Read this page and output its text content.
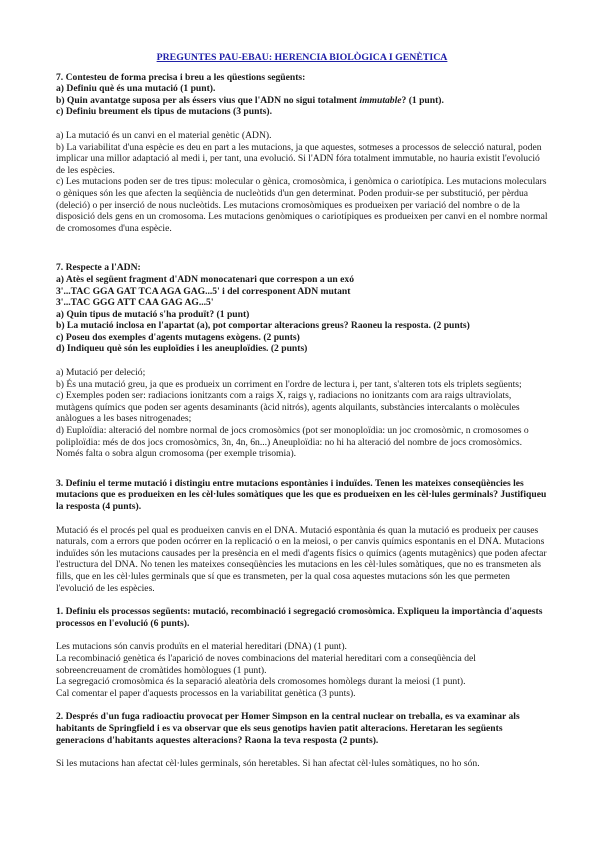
PREGUNTES PAU-EBAU: HERENCIA BIOLÒGICA I GENÈTICA

7. Contesteu de forma precisa i breu a les qüestions següents:

a) Definiu què és una mutació (1 punt).

b) Quin avantatge suposa per als éssers vius que l'ADN no sigui totalment immutable? (1 punt).

c) Definiu breument els tipus de mutacions (3 punts).

a) La mutació és un canvi en el material genètic (ADN).

b) La variabilitat d'una espècie es deu en part a les mutacions, ja que aquestes, sotmeses a processos de selecció natural, poden implicar una millor adaptació al medi i, per tant, una evolució. Si l'ADN fóra totalment immutable, no hauria existit l'evolució de les espècies.

c) Les mutacions poden ser de tres tipus: molecular o gènica, cromosòmica, i genòmica o cariotípica. Les mutacions moleculars o gèniques són les que afecten la seqüència de nucleòtids d'un gen determinat. Poden produir-se per substitució, per pèrdua (deleció) o per inserció de nous nucleòtids. Les mutacions cromosòmiques es produeixen per variació del nombre o de la disposició dels gens en un cromosoma. Les mutacions genòmiques o cariotípiques es produeixen per canvi en el nombre normal de cromosomes d'una espècie.

7. Respecte a l'ADN:

a) Atès el següent fragment d'ADN monocatenari que correspon a un exó

3'...TAC GGA GAT TCA AGA GAG...5' i del corresponent ADN mutant

3'...TAC GGG ATT CAA GAG AG...5'

a) Quin tipus de mutació s'ha produït? (1 punt)

b) La mutació inclosa en l'apartat (a), pot comportar alteracions greus? Raoneu la resposta. (2 punts)

c) Poseu dos exemples d'agents mutagens exògens. (2 punts)

d) Indiqueu què són les euploïdies i les aneuploïdies. (2 punts)

a) Mutació per deleció;

b) És una mutació greu, ja que es produeix un corriment en l'ordre de lectura i, per tant, s'alteren tots els triplets següents;

c) Exemples poden ser: radiacions ionitzants com a raigs X, raigs γ, radiacions no ionitzants com ara raigs ultraviolats, mutàgens químics que poden ser agents desaminants (àcid nitrós), agents alquilants, substàncies intercalants o molècules anàlogues a les bases nitrogenades;

d) Euploïdia: alteració del nombre normal de jocs cromosòmics (pot ser monoploïdia: un joc cromosòmic, n cromosomes o poliploïdia: més de dos jocs cromosòmics, 3n, 4n, 6n...) Aneuploïdia: no hi ha alteració del nombre de jocs cromosòmics. Només falta o sobra algun cromosoma (per exemple trisomia).

3. Definiu el terme mutació i distingiu entre mutacions espontànies i induïdes. Tenen les mateixes conseqüències les mutacions que es produeixen en les cèl·lules somàtiques que les que es produeixen en les cèl·lules germinals? Justifiqueu la resposta (4 punts).

Mutació és el procés pel qual es produeixen canvis en el DNA. Mutació espontània és quan la mutació es produeix per causes naturals, com a errors que poden ocórrer en la replicació o en la meiosi, o per canvis químics espontanis en el DNA. Mutacions induïdes són les mutacions causades per la presència en el medi d'agents físics o químics (agents mutagènics) que poden afectar l'estructura del DNA. No tenen les mateixes conseqüències les mutacions en les cèl·lules somàtiques, que no es transmeten als fills, que en les cèl·lules germinals que sí que es transmeten, per la qual cosa aquestes mutacions són les que permeten l'evolució de les espècies.

1. Definiu els processos següents: mutació, recombinació i segregació cromosòmica. Expliqueu la importància d'aquests processos en l'evolució (6 punts).

Les mutacions són canvis produïts en el material hereditari (DNA) (1 punt).

La recombinació genètica és l'aparició de noves combinacions del material hereditari com a conseqüència del sobreencreuament de cromàtides homòlogues (1 punt).

La segregació cromosòmica és la separació aleatòria dels cromosomes homòlegs durant la meiosi (1 punt).

Cal comentar el paper d'aquests processos en la variabilitat genètica (3 punts).

2. Després d'un fuga radioactiu provocat per Homer Simpson en la central nuclear on treballa, es va examinar als habitants de Springfield i es va observar que els seus genotips havien patit alteracions. Heretaran les següents generacions d'habitants aquestes alteracions? Raona la teva resposta (2 punts).

Si les mutacions han afectat cèl·lules germinals, són heretables. Si han afectat cèl·lules somàtiques, no ho són.
